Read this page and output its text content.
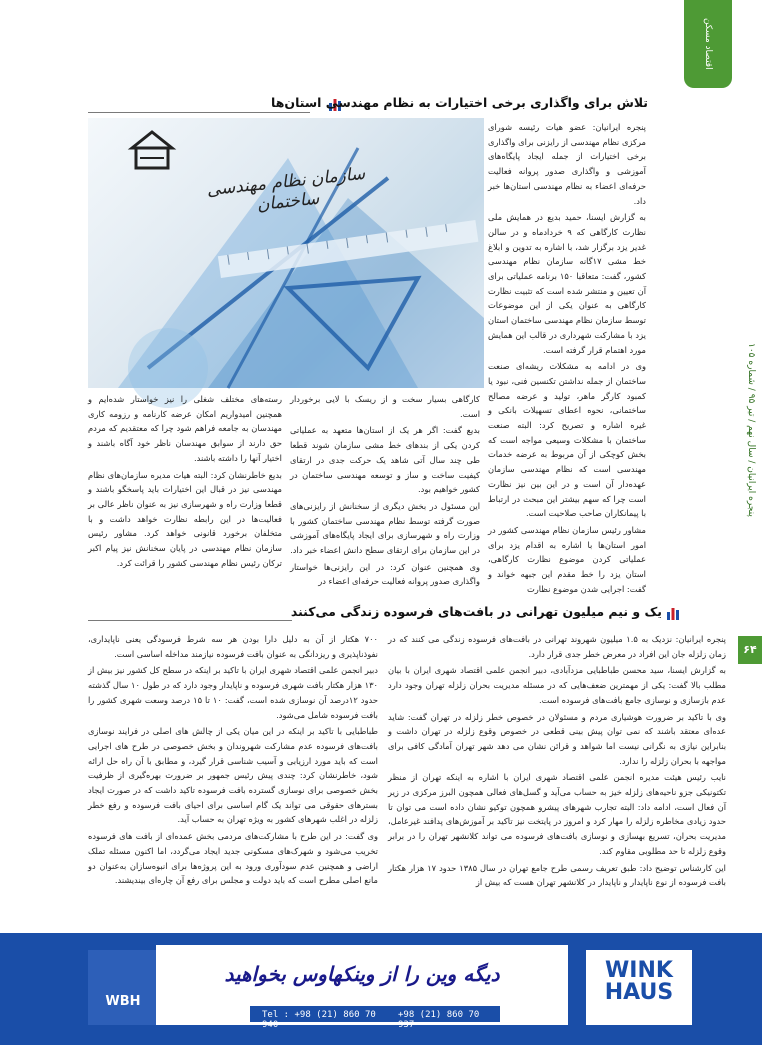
اقتصاد مسکن
پنجره ایرانیان / سال نهم / تیر ۹۵ / شماره ۱۰۵
۶۴
تلاش برای واگذاری برخی اختیارات به نظام مهندسی استان‌ها
سازمان نظام مهندسی ساختمان

پنجره ایرانیان: عضو هیات رئیسه شورای مرکزی نظام مهندسی از رایزنی برای واگذاری برخی اختیارات از جمله ایجاد پایگاه‌های آموزشی و واگذاری صدور پروانه فعالیت حرفه‌ای اعضاء به نظام مهندسی استان‌ها خبر داد.

به گزارش ایسنا، حمید بدیع در همایش ملی نظارت کارگاهی که ۹ خردادماه و در سالن غدیر یزد برگزار شد، با اشاره به تدوین و ابلاغ خط مشی ۱۷گانه سازمان نظام مهندسی کشور، گفت: متعاقبا ۱۵۰ برنامه عملیاتی برای آن تعیین و منتشر شده است که تثبیت نظارت کارگاهی به عنوان یکی از این موضوعات توسط سازمان نظام مهندسی ساختمان استان یزد با مشارکت شهرداری در قالب این همایش مورد اهتمام قرار گرفته است.

وی در ادامه به مشکلات ریشه‌ای صنعت ساختمان از جمله نداشتن تکنسین فنی، نبود یا کمبود کارگر ماهر، تولید و عرضه مصالح ساختمانی، نحوه اعطای تسهیلات بانکی و غیره اشاره و تصریح کرد: البته صنعت ساختمان با مشکلات وسیعی مواجه است که بخش کوچکی از آن مربوط به عرضه خدمات مهندسی است که نظام مهندسی سازمان عهده‌دار آن است و در این بین نیز نظارت است چرا که سهم بیشتر این مبحث در ارتباط با پیمانکاران صاحب صلاحیت است.

مشاور رئیس سازمان نظام مهندسی کشور در امور استان‌ها با اشاره به اقدام یزد برای عملیاتی کردن موضوع نظارت کارگاهی، استان یزد را خط مقدم این جبهه خواند و گفت: اجرایی شدن موضوع نظارت

کارگاهی بسیار سخت و از ریسک با لایی برخوردار است.

بدیع گفت: اگر هر یک از استان‌ها متعهد به عملیاتی کردن یکی از بندهای خط مشی سازمان شوند قطعا طی چند سال آتی شاهد یک حرکت جدی در ارتقای کیفیت ساخت و ساز و توسعه مهندسی ساختمان در کشور خواهیم بود.

این مسئول در بخش دیگری از سخنانش از رایزنی‌های صورت گرفته توسط نظام مهندسی ساختمان کشور با وزارت راه و شهرسازی برای ایجاد پایگاه‌های آموزشی در این سازمان برای ارتقای سطح دانش اعضاء خبر داد.

وی همچنین عنوان کرد: در این رایزنی‌ها خواستار واگذاری صدور پروانه فعالیت حرفه‌ای اعضاء در

رسته‌های مختلف شغلی را نیز خواستار شده‌ایم و همچنین امیدواریم امکان عرضه کارنامه و رزومه کاری مهندسان به جامعه فراهم شود چرا که معتقدیم که مردم حق دارند از سوابق مهندسان ناظر خود آگاه باشند و اختیار آنها را داشته باشند.

بدیع خاطرنشان کرد: البته هیات مدیره سازمان‌های نظام مهندسی نیز در قبال این اختیارات باید پاسخگو باشند و قطعا وزارت راه و شهرسازی نیز به عنوان ناظر عالی بر فعالیت‌ها در این رابطه نظارت خواهد داشت و با متخلفان برخورد قانونی خواهد کرد. مشاور رئیس سازمان نظام مهندسی در پایان سخنانش نیز پیام اکبر ترکان رئیس نظام مهندسی کشور را قرائت کرد.

یک و نیم میلیون تهرانی در بافت‌های فرسوده زندگی می‌کنند

پنجره ایرانیان: نزدیک به ۱.۵ میلیون شهروند تهرانی در بافت‌های فرسوده زندگی می کنند که در زمان زلزله جان این افراد در معرض خطر جدی قرار دارد.

به گزارش ایسنا، سید محسن طباطبایی مزدآبادی، دبیر انجمن علمی اقتصاد شهری ایران با بیان مطلب بالا گفت: یکی از مهمترین ضعف‌هایی که در مسئله مدیریت بحران زلزله تهران وجود دارد عدم بازسازی و نوسازی جامع بافت‌های فرسوده است.

وی با تاکید بر ضرورت هوشیاری مردم و مسئولان در خصوص خطر زلزله در تهران گفت: شاید عده‌ای معتقد باشند که نمی توان پیش بینی قطعی در خصوص وقوع زلزله در تهران داشت و بنابراین نیازی به نگرانی نیست اما شواهد و قرائن نشان می دهد شهر تهران آمادگی کافی برای مواجهه با بحران زلزله را ندارد.

نایب رئیس هیئت مدیره انجمن علمی اقتصاد شهری ایران با اشاره به اینکه تهران از منظر تکتونیکی جزو ناحیه‌های زلزله خیز به حساب می‌آید و گسل‌های فعالی همچون البرز مرکزی در زیر آن فعال است، ادامه داد: البته تجارب شهرهای پیشرو همچون توکیو نشان داده است می توان تا حدود زیادی مخاطره زلزله را مهار کرد و امروز در پایتخت نیز تاکید بر آموزش‌های پدافند غیرعامل، مدیریت بحران، تسریع بهسازی و نوسازی بافت‌های فرسوده می تواند کلانشهر تهران را در برابر وقوع زلزله تا حد مطلوبی مقاوم کند.

این کارشناس توضیح داد: طبق تعریف رسمی طرح جامع تهران در سال ۱۳۸۵ حدود ۱۷ هزار هکتار بافت فرسوده از نوع ناپایدار و ناپایدار در کلانشهر تهران هست که بیش از

۷۰۰ هکتار از آن به دلیل دارا بودن هر سه شرط فرسودگی یعنی ناپایداری، نفوذناپذیری و ریزدانگی به عنوان بافت فرسوده نیازمند مداخله اساسی است.

دبیر انجمن علمی اقتصاد شهری ایران با تاکید بر اینکه در سطح کل کشور نیز بیش از ۱۳۰ هزار هکتار بافت شهری فرسوده و ناپایدار وجود دارد که در طول ۱۰ سال گذشته حدود ۱۲درصد آن نوسازی شده است، گفت: ۱۰ تا ۱۵ درصد وسعت شهری کشور را بافت فرسوده شامل می‌شود.

طباطبایی با تاکید بر اینکه در این میان یکی از چالش های اصلی در فرایند نوسازی بافت‌های فرسوده عدم مشارکت شهروندان و بخش خصوصی در طرح های اجرایی است که باید مورد ارزیابی و آسیب شناسی قرار گیرد، و مطابق با آن راه حل ارائه شود، خاطرنشان کرد: چندی پیش رئیس جمهور بر ضرورت بهره‌گیری از ظرفیت بخش خصوصی برای نوسازی گسترده بافت فرسوده تاکید داشت که در صورت ایجاد بسترهای حقوقی می تواند یک گام اساسی برای احیای بافت فرسوده و رفع خطر زلزله در اغلب شهرهای کشور به ویژه تهران به حساب آید.

وی گفت: در این طرح با مشارکت‌های مردمی بخش عمده‌ای از بافت های فرسوده تخریب می‌شود و شهرک‌های مسکونی جدید ایجاد می‌گردد، اما اکنون مسئله تملک اراضی و همچنین عدم سودآوری ورود به این پروژه‌ها برای انبوه‌سازان به‌عنوان دو مانع اصلی مطرح است که باید دولت و مجلس برای رفع آن چاره‌ای بیندیشند.

WBH
دیگه وین را از وینکهاوس بخواهید
Tel : +98 (21) 860 70 940
+98 (21) 860 70 937
WINK HAUS
